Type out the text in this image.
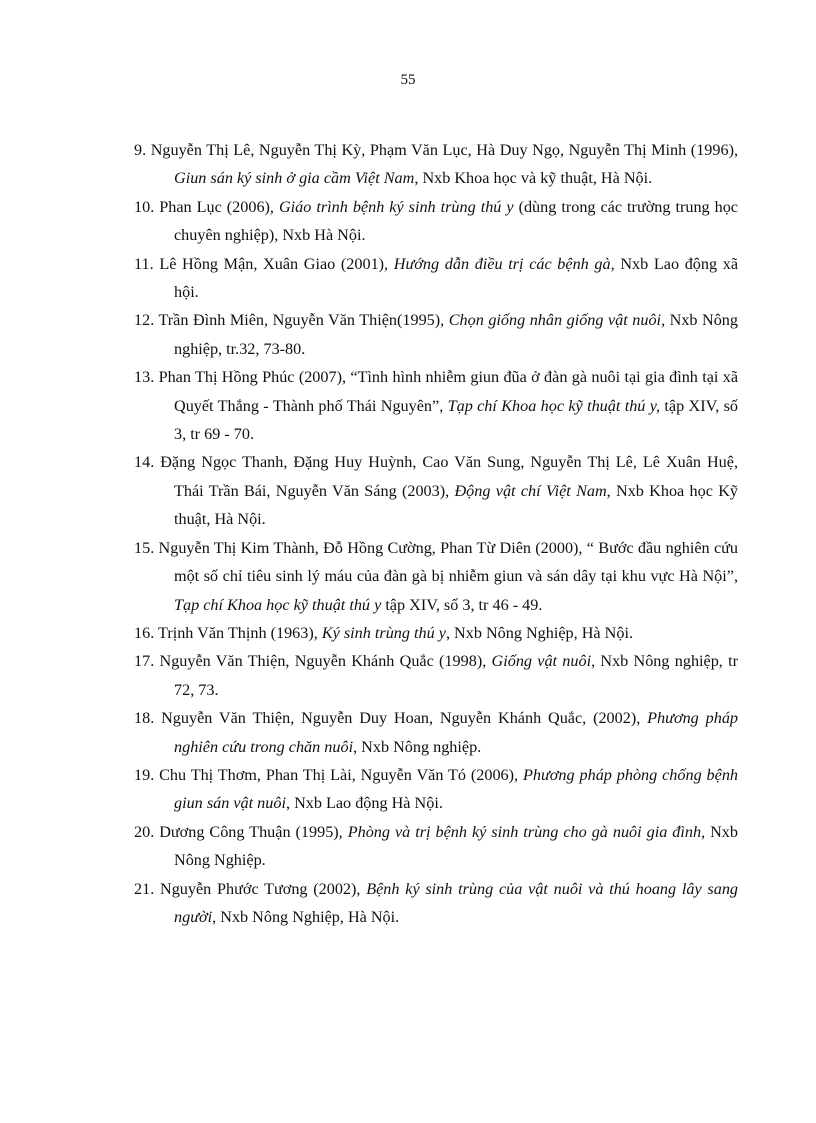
55

9. Nguyễn Thị Lê, Nguyễn Thị Kỳ, Phạm Văn Lục, Hà Duy Ngọ, Nguyễn Thị Minh (1996), Giun sán ký sinh ở gia cầm Việt Nam, Nxb Khoa học và kỹ thuật, Hà Nội.

10. Phan Lục (2006), Giáo trình bệnh ký sinh trùng thú y (dùng trong các trường trung học chuyên nghiệp), Nxb Hà Nội.

11. Lê Hồng Mận, Xuân Giao (2001), Hướng dẫn điều trị các bệnh gà, Nxb Lao động xã hội.

12. Trần Đình Miên, Nguyễn Văn Thiện(1995), Chọn giống nhân giống vật nuôi, Nxb Nông nghiệp, tr.32, 73-80.

13. Phan Thị Hồng Phúc (2007), “Tình hình nhiễm giun đũa ở đàn gà nuôi tại gia đình tại xã Quyết Thắng - Thành phố Thái Nguyên”, Tạp chí Khoa học kỹ thuật thú y, tập XIV, số 3, tr 69 - 70.

14. Đặng Ngọc Thanh, Đặng Huy Huỳnh, Cao Văn Sung, Nguyễn Thị Lê, Lê Xuân Huệ, Thái Trần Bái, Nguyễn Văn Sáng (2003), Động vật chí Việt Nam, Nxb Khoa học Kỹ thuật, Hà Nội.

15. Nguyễn Thị Kim Thành, Đỗ Hồng Cường, Phan Từ Diên (2000), “ Bước đầu nghiên cứu một số chỉ tiêu sinh lý máu của đàn gà bị nhiễm giun và sán dây tại khu vực Hà Nội”, Tạp chí Khoa học kỹ thuật thú y tập XIV, số 3, tr 46 - 49.

16. Trịnh Văn Thịnh (1963), Ký sinh trùng thú y, Nxb Nông Nghiệp, Hà Nội.

17. Nguyễn Văn Thiện, Nguyễn Khánh Quắc (1998), Giống vật nuôi, Nxb Nông nghiệp, tr 72, 73.

18. Nguyễn Văn Thiện, Nguyễn Duy Hoan, Nguyễn Khánh Quắc, (2002), Phương pháp nghiên cứu trong chăn nuôi, Nxb Nông nghiệp.

19. Chu Thị Thơm, Phan Thị Lài, Nguyễn Văn Tó (2006), Phương pháp phòng chống bệnh giun sán vật nuôi, Nxb Lao động Hà Nội.

20. Dương Công Thuận (1995), Phòng và trị bệnh ký sinh trùng cho gà nuôi gia đình, Nxb Nông Nghiệp.

21. Nguyễn Phước Tương (2002), Bệnh ký sinh trùng của vật nuôi và thú hoang lây sang người, Nxb Nông Nghiệp, Hà Nội.
